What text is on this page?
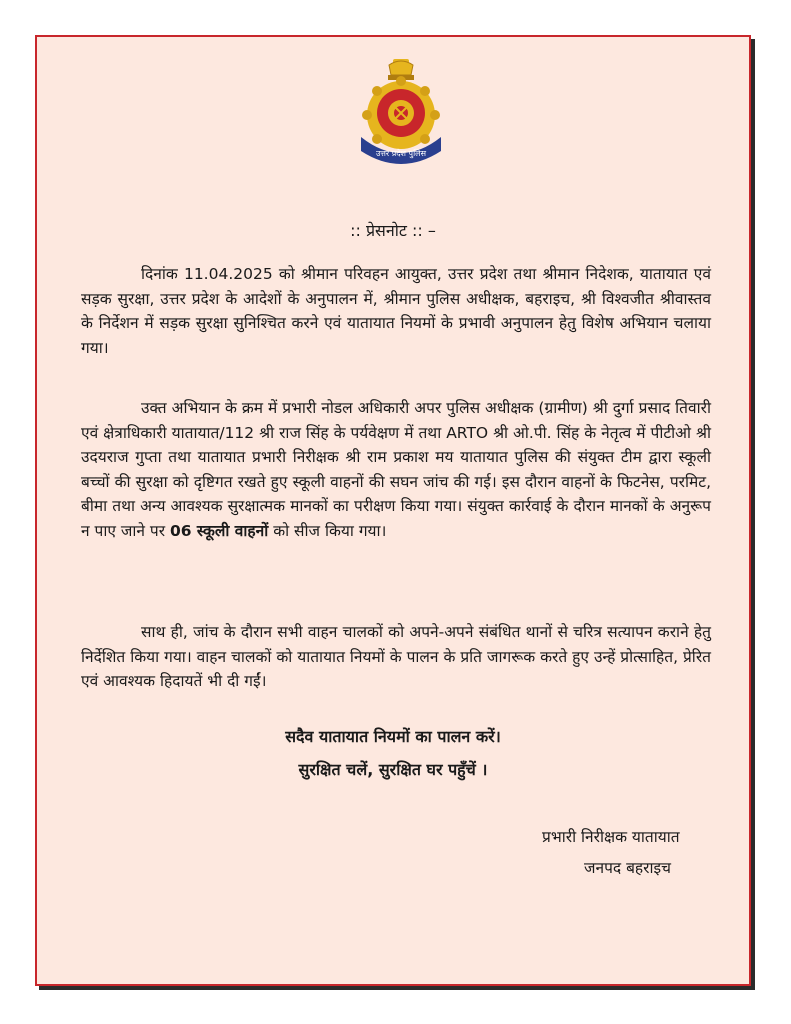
उत्तर प्रदेश पुलिस
:: प्रेसनोट :: –

दिनांक 11.04.2025 को श्रीमान परिवहन आयुक्त, उत्तर प्रदेश तथा श्रीमान निदेशक, यातायात एवं सड़क सुरक्षा, उत्तर प्रदेश के आदेशों के अनुपालन में, श्रीमान पुलिस अधीक्षक, बहराइच, श्री विश्वजीत श्रीवास्तव के निर्देशन में सड़क सुरक्षा सुनिश्चित करने एवं यातायात नियमों के प्रभावी अनुपालन हेतु विशेष अभियान चलाया गया।

उक्त अभियान के क्रम में प्रभारी नोडल अधिकारी अपर पुलिस अधीक्षक (ग्रामीण) श्री दुर्गा प्रसाद तिवारी एवं क्षेत्राधिकारी यातायात/112 श्री राज सिंह के पर्यवेक्षण में तथा ARTO श्री ओ.पी. सिंह के नेतृत्व में पीटीओ श्री उदयराज गुप्ता तथा यातायात प्रभारी निरीक्षक श्री राम प्रकाश मय यातायात पुलिस की संयुक्त टीम द्वारा स्कूली बच्चों की सुरक्षा को दृष्टिगत रखते हुए स्कूली वाहनों की सघन जांच की गई। इस दौरान वाहनों के फिटनेस, परमिट, बीमा तथा अन्य आवश्यक सुरक्षात्मक मानकों का परीक्षण किया गया। संयुक्त कार्रवाई के दौरान मानकों के अनुरूप न पाए जाने पर 06 स्कूली वाहनों को सीज किया गया।

साथ ही, जांच के दौरान सभी वाहन चालकों को अपने-अपने संबंधित थानों से चरित्र सत्यापन कराने हेतु निर्देशित किया गया। वाहन चालकों को यातायात नियमों के पालन के प्रति जागरूक करते हुए उन्हें प्रोत्साहित, प्रेरित एवं आवश्यक हिदायतें भी दी गईं।

सदैव यातायात नियमों का पालन करें।
सुरक्षित चलें, सुरक्षित घर पहुँचें ।
प्रभारी निरीक्षक यातायात
जनपद बहराइच
